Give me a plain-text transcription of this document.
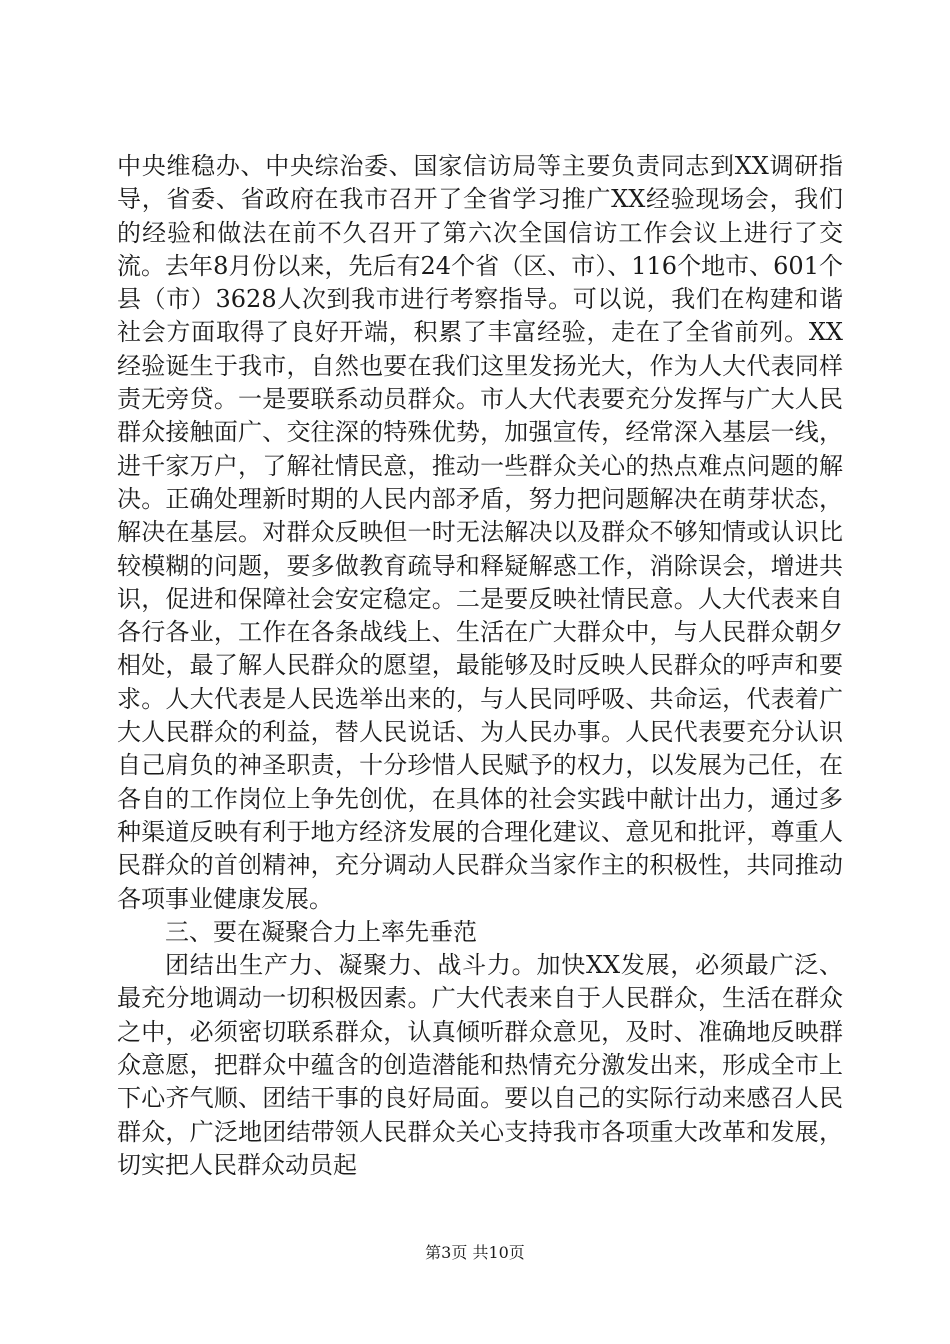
中央维稳办、中央综治委、国家信访局等主要负责同志到XX调研指导，省委、省政府在我市召开了全省学习推广XX经验现场会，我们的经验和做法在前不久召开了第六次全国信访工作会议上进行了交流。去年8月份以来，先后有24个省（区、市）、116个地市、601个县（市）3628人次到我市进行考察指导。可以说，我们在构建和谐社会方面取得了良好开端，积累了丰富经验，走在了全省前列。XX经验诞生于我市，自然也要在我们这里发扬光大，作为人大代表同样责无旁贷。一是要联系动员群众。市人大代表要充分发挥与广大人民群众接触面广、交往深的特殊优势，加强宣传，经常深入基层一线，进千家万户，了解社情民意，推动一些群众关心的热点难点问题的解决。正确处理新时期的人民内部矛盾，努力把问题解决在萌芽状态，解决在基层。对群众反映但一时无法解决以及群众不够知情或认识比较模糊的问题，要多做教育疏导和释疑解惑工作，消除误会，增进共识，促进和保障社会安定稳定。二是要反映社情民意。人大代表来自各行各业，工作在各条战线上、生活在广大群众中，与人民群众朝夕相处，最了解人民群众的愿望，最能够及时反映人民群众的呼声和要求。人大代表是人民选举出来的，与人民同呼吸、共命运，代表着广大人民群众的利益，替人民说话、为人民办事。人民代表要充分认识自己肩负的神圣职责，十分珍惜人民赋予的权力，以发展为己任，在各自的工作岗位上争先创优，在具体的社会实践中献计出力，通过多种渠道反映有利于地方经济发展的合理化建议、意见和批评，尊重人民群众的首创精神，充分调动人民群众当家作主的积极性，共同推动各项事业健康发展。

三、要在凝聚合力上率先垂范

团结出生产力、凝聚力、战斗力。加快XX发展，必须最广泛、最充分地调动一切积极因素。广大代表来自于人民群众，生活在群众之中，必须密切联系群众，认真倾听群众意见，及时、准确地反映群众意愿，把群众中蕴含的创造潜能和热情充分激发出来，形成全市上下心齐气顺、团结干事的良好局面。要以自己的实际行动来感召人民群众，广泛地团结带领人民群众关心支持我市各项重大改革和发展，切实把人民群众动员起

第3页 共10页
